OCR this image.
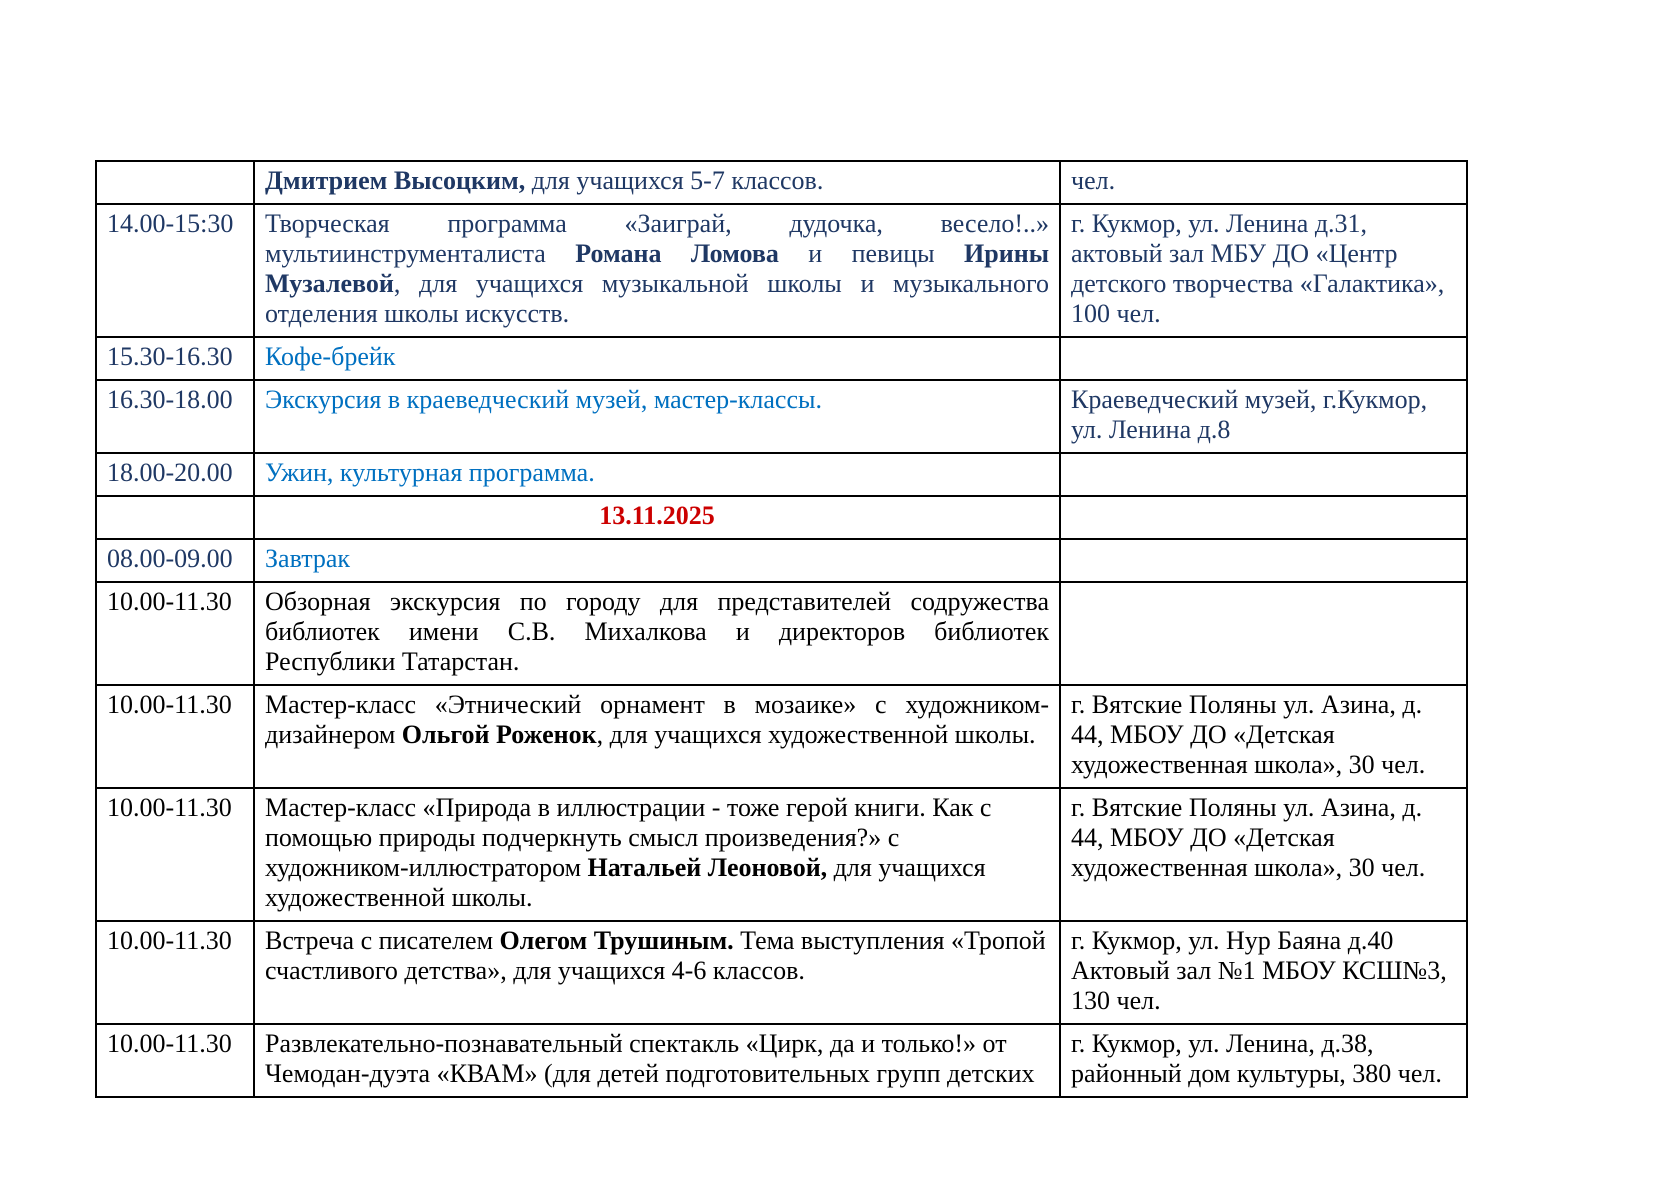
	Дмитрием Высоцким, для учащихся 5-7 классов.	чел.
14.00-15:30	Творческая программа «Заиграй, дудочка, весело!..» мультиинструменталиста Романа Ломова и певицы Ирины Музалевой, для учащихся музыкальной школы и музыкального отделения школы искусств.	г. Кукмор, ул. Ленина д.31, актовый зал МБУ ДО «Центр детского творчества «Галактика», 100 чел.
15.30-16.30	Кофе-брейк	
16.30-18.00	Экскурсия в краеведческий музей, мастер-классы.	Краеведческий музей, г.Кукмор, ул. Ленина д.8
18.00-20.00	Ужин, культурная программа.	
	13.11.2025	
08.00-09.00	Завтрак	
10.00-11.30	Обзорная экскурсия по городу для представителей содружества библиотек имени С.В. Михалкова и директоров библиотек Республики Татарстан.	
10.00-11.30	Мастер-класс «Этнический орнамент в мозаике» с художником-дизайнером Ольгой Роженок, для учащихся художественной школы.	г. Вятские Поляны ул. Азина, д. 44, МБОУ ДО «Детская художественная школа», 30 чел.
10.00-11.30	Мастер-класс «Природа в иллюстрации - тоже герой книги. Как с помощью природы подчеркнуть смысл произведения?» с художником-иллюстратором Натальей Леоновой, для учащихся художественной школы.	г. Вятские Поляны ул. Азина, д. 44, МБОУ ДО «Детская художественная школа», 30 чел.
10.00-11.30	Встреча с писателем Олегом Трушиным. Тема выступления «Тропой счастливого детства», для учащихся 4-6 классов.	г. Кукмор, ул. Нур Баяна д.40 Актовый зал №1 МБОУ КСШ№3, 130 чел.
10.00-11.30	Развлекательно-познавательный спектакль «Цирк, да и только!» от Чемодан-дуэта «КВАМ» (для детей подготовительных групп детских	г. Кукмор, ул. Ленина, д.38, районный дом культуры, 380 чел.
